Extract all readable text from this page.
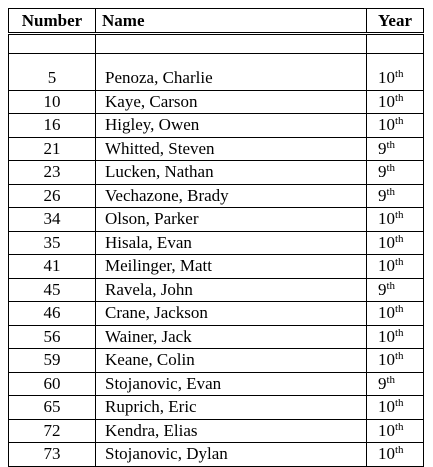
Number	Name	Year

5	Penoza, Charlie	10th
10	Kaye, Carson	10th
16	Higley, Owen	10th
21	Whitted, Steven	9th
23	Lucken, Nathan	9th
26	Vechazone, Brady	9th
34	Olson, Parker	10th
35	Hisala, Evan	10th
41	Meilinger, Matt	10th
45	Ravela, John	9th
46	Crane, Jackson	10th
56	Wainer, Jack	10th
59	Keane, Colin	10th
60	Stojanovic, Evan	9th
65	Ruprich, Eric	10th
72	Kendra, Elias	10th
73	Stojanovic, Dylan	10th
